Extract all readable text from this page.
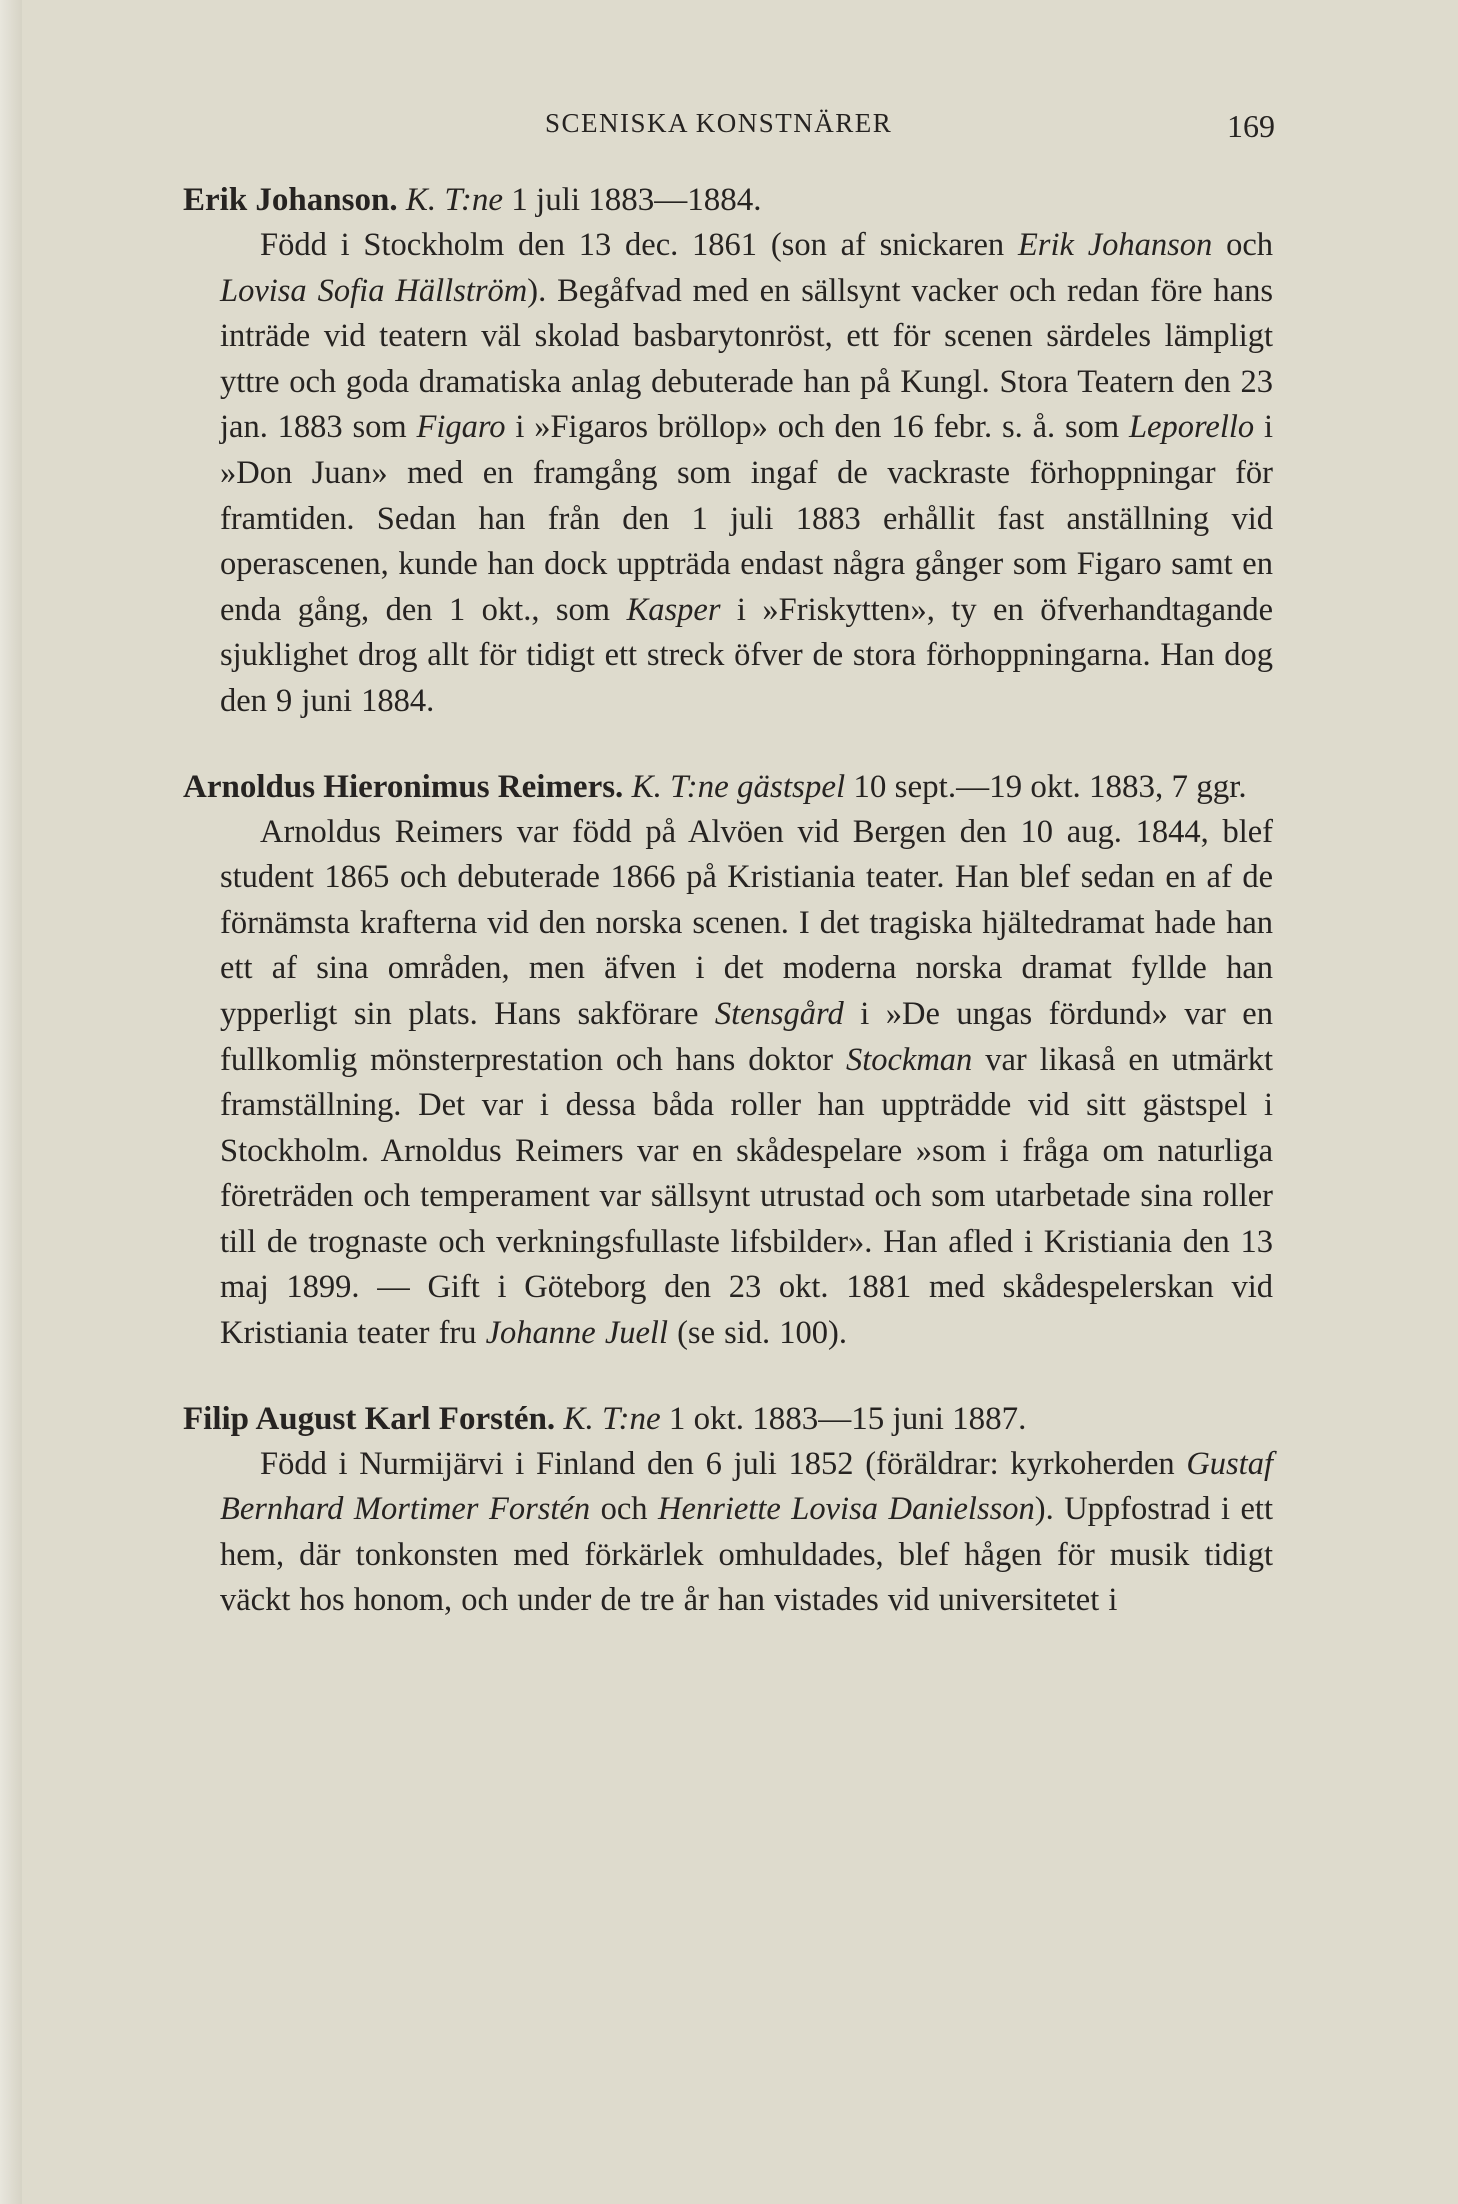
SCENISKA KONSTNÄRER	169

Erik Johanson. K. T:ne 1 juli 1883—1884.

Född i Stockholm den 13 dec. 1861 (son af snickaren Erik Johanson och Lovisa Sofia Hällström). Begåfvad med en sällsynt vacker och redan före hans inträde vid teatern väl skolad basbarytonröst, ett för scenen särdeles lämpligt yttre och goda dramatiska anlag debuterade han på Kungl. Stora Teatern den 23 jan. 1883 som Figaro i »Figaros bröllop» och den 16 febr. s. å. som Leporello i »Don Juan» med en framgång som ingaf de vackraste förhoppningar för framtiden. Sedan han från den 1 juli 1883 erhållit fast anställning vid operascenen, kunde han dock uppträda endast några gånger som Figaro samt en enda gång, den 1 okt., som Kasper i »Friskytten», ty en öfverhandtagande sjuklighet drog allt för tidigt ett streck öfver de stora förhoppningarna. Han dog den 9 juni 1884.

Arnoldus Hieronimus Reimers. K. T:ne gästspel 10 sept.—19 okt. 1883, 7 ggr.

Arnoldus Reimers var född på Alvöen vid Bergen den 10 aug. 1844, blef student 1865 och debuterade 1866 på Kristiania teater. Han blef sedan en af de förnämsta krafterna vid den norska scenen. I det tragiska hjältedramat hade han ett af sina områden, men äfven i det moderna norska dramat fyllde han ypperligt sin plats. Hans sakförare Stensgård i »De ungas fördund» var en fullkomlig mönsterprestation och hans doktor Stockman var likaså en utmärkt framställning. Det var i dessa båda roller han uppträdde vid sitt gästspel i Stockholm. Arnoldus Reimers var en skådespelare »som i fråga om naturliga företräden och temperament var sällsynt utrustad och som utarbetade sina roller till de trognaste och verkningsfullaste lifsbilder». Han afled i Kristiania den 13 maj 1899. — Gift i Göteborg den 23 okt. 1881 med skådespelerskan vid Kristiania teater fru Johanne Juell (se sid. 100).

Filip August Karl Forstén. K. T:ne 1 okt. 1883—15 juni 1887.

Född i Nurmijärvi i Finland den 6 juli 1852 (föräldrar: kyrkoherden Gustaf Bernhard Mortimer Forstén och Henriette Lovisa Danielsson). Uppfostrad i ett hem, där tonkonsten med förkärlek omhuldades, blef hågen för musik tidigt väckt hos honom, och under de tre år han vistades vid universitetet i
